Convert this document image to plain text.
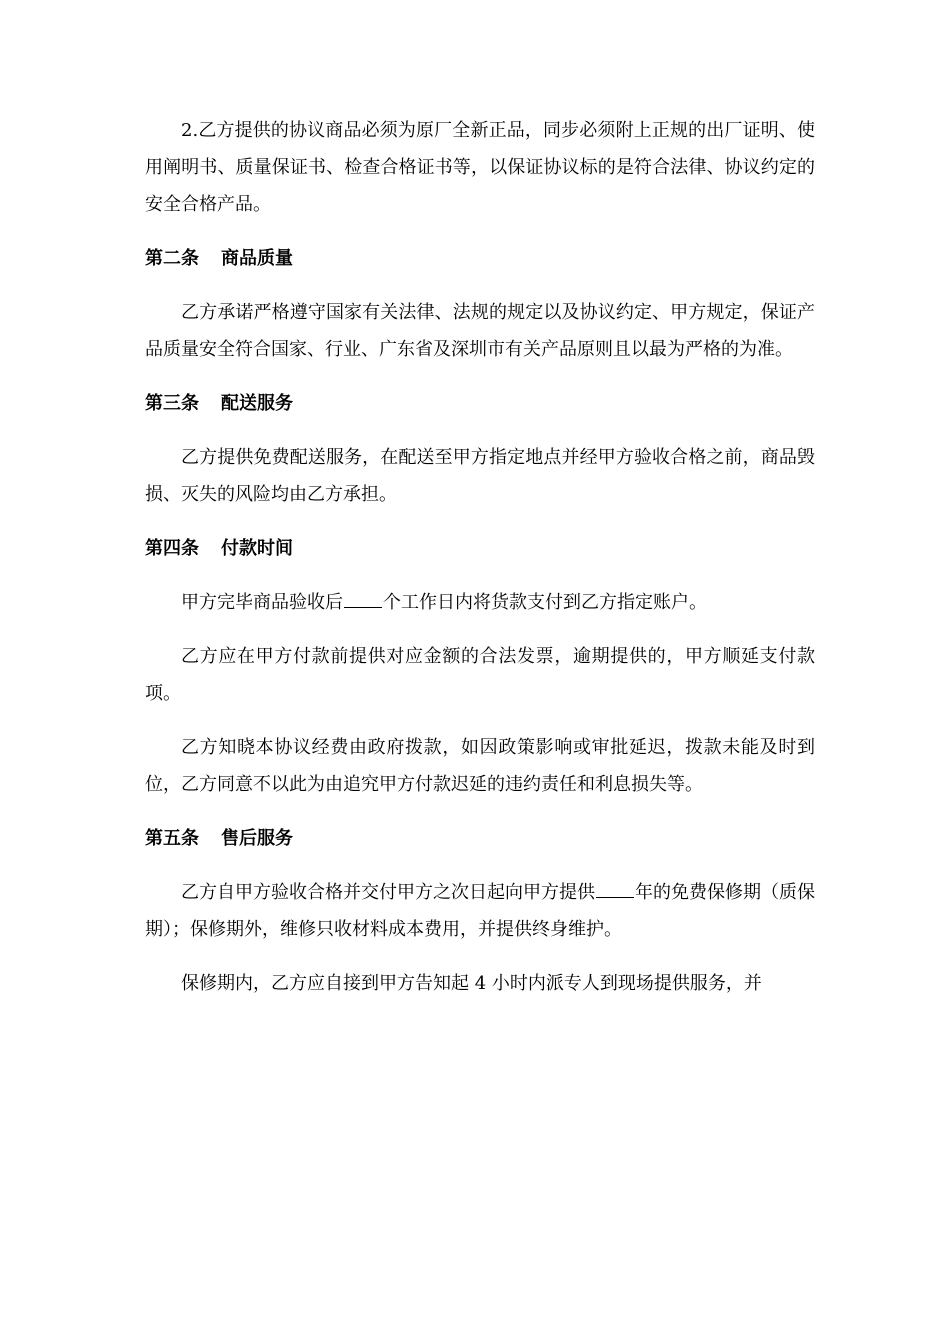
2.乙方提供的协议商品必须为原厂全新正品，同步必须附上正规的出厂证明、使用阐明书、质量保证书、检查合格证书等，以保证协议标的是符合法律、协议约定的安全合格产品。

第二条 商品质量

乙方承诺严格遵守国家有关法律、法规的规定以及协议约定、甲方规定，保证产品质量安全符合国家、行业、广东省及深圳市有关产品原则且以最为严格的为准。

第三条 配送服务

乙方提供免费配送服务，在配送至甲方指定地点并经甲方验收合格之前，商品毁损、灭失的风险均由乙方承担。

第四条 付款时间

甲方完毕商品验收后 个工作日内将货款支付到乙方指定账户。

乙方应在甲方付款前提供对应金额的合法发票，逾期提供的，甲方顺延支付款项。

乙方知晓本协议经费由政府拨款，如因政策影响或审批延迟，拨款未能及时到位，乙方同意不以此为由追究甲方付款迟延的违约责任和利息损失等。

第五条 售后服务

乙方自甲方验收合格并交付甲方之次日起向甲方提供 年的免费保修期（质保期）；保修期外，维修只收材料成本费用，并提供终身维护。

保修期内，乙方应自接到甲方告知起 4 小时内派专人到现场提供服务，并
